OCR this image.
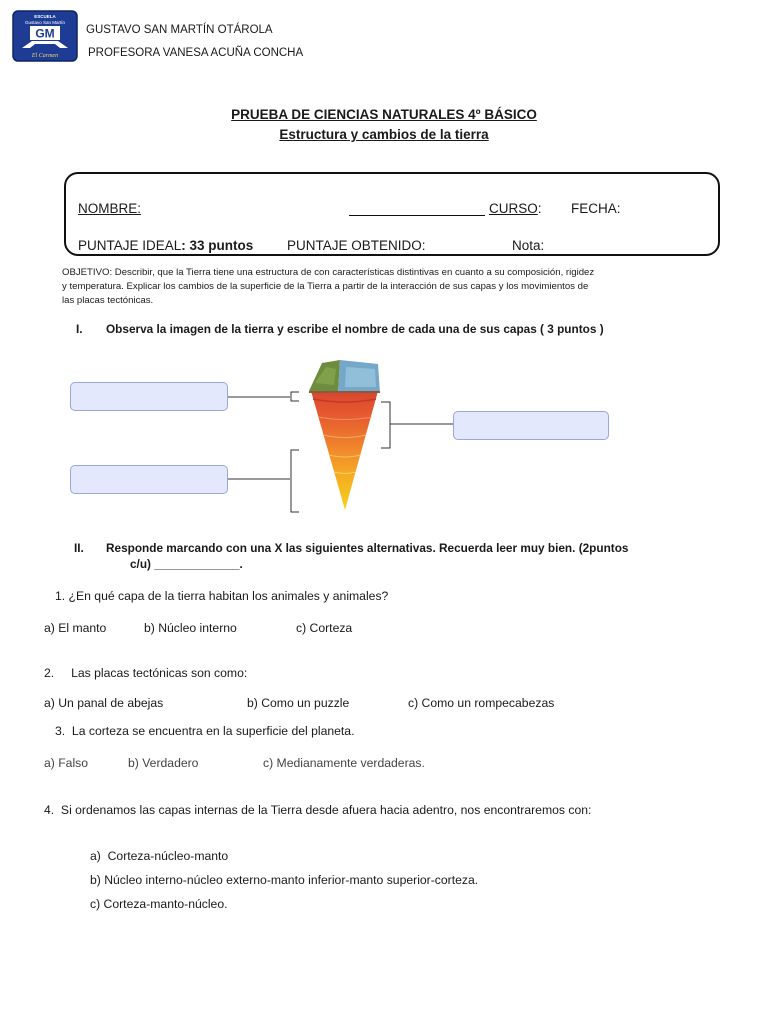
ESCUELA
Gustavo San Martín
GM
El Carmen
GUSTAVO SAN MARTÍN OTÁROLA
PROFESORA VANESA ACUÑA CONCHA
PRUEBA DE CIENCIAS NATURALES 4º BÁSICO
Estructura y cambios de la tierra
NOMBRE:	CURSO: FECHA:
PUNTAJE IDEAL: 33 puntos PUNTAJE OBTENIDO:	Nota:
OBJETIVO: Describir, que la Tierra tiene una estructura de con características distintivas en cuanto a su composición, rigidez
y temperatura. Explicar los cambios de la superficie de la Tierra a partir de la interacción de sus capas y los movimientos de
las placas tectónicas.
I. Observa la imagen de la tierra y escribe el nombre de cada una de sus capas ( 3 puntos )
II. Responde marcando con una X las siguientes alternativas. Recuerda leer muy bien. (2puntos
c/u) _____________.
1. ¿En qué capa de la tierra habitan los animales y animales?
a) El manto	b) Núcleo interno	c) Corteza
2.     Las placas tectónicas son como:
a) Un panal de abejas	b) Como un puzzle	c) Como un rompecabezas
3.  La corteza se encuentra en la superficie del planeta.
a) Falso	b) Verdadero	c) Medianamente verdaderas.
4.  Si ordenamos las capas internas de la Tierra desde afuera hacia adentro, nos encontraremos con:
a)  Corteza-núcleo-manto
b) Núcleo interno-núcleo externo-manto inferior-manto superior-corteza.
c) Corteza-manto-núcleo.
